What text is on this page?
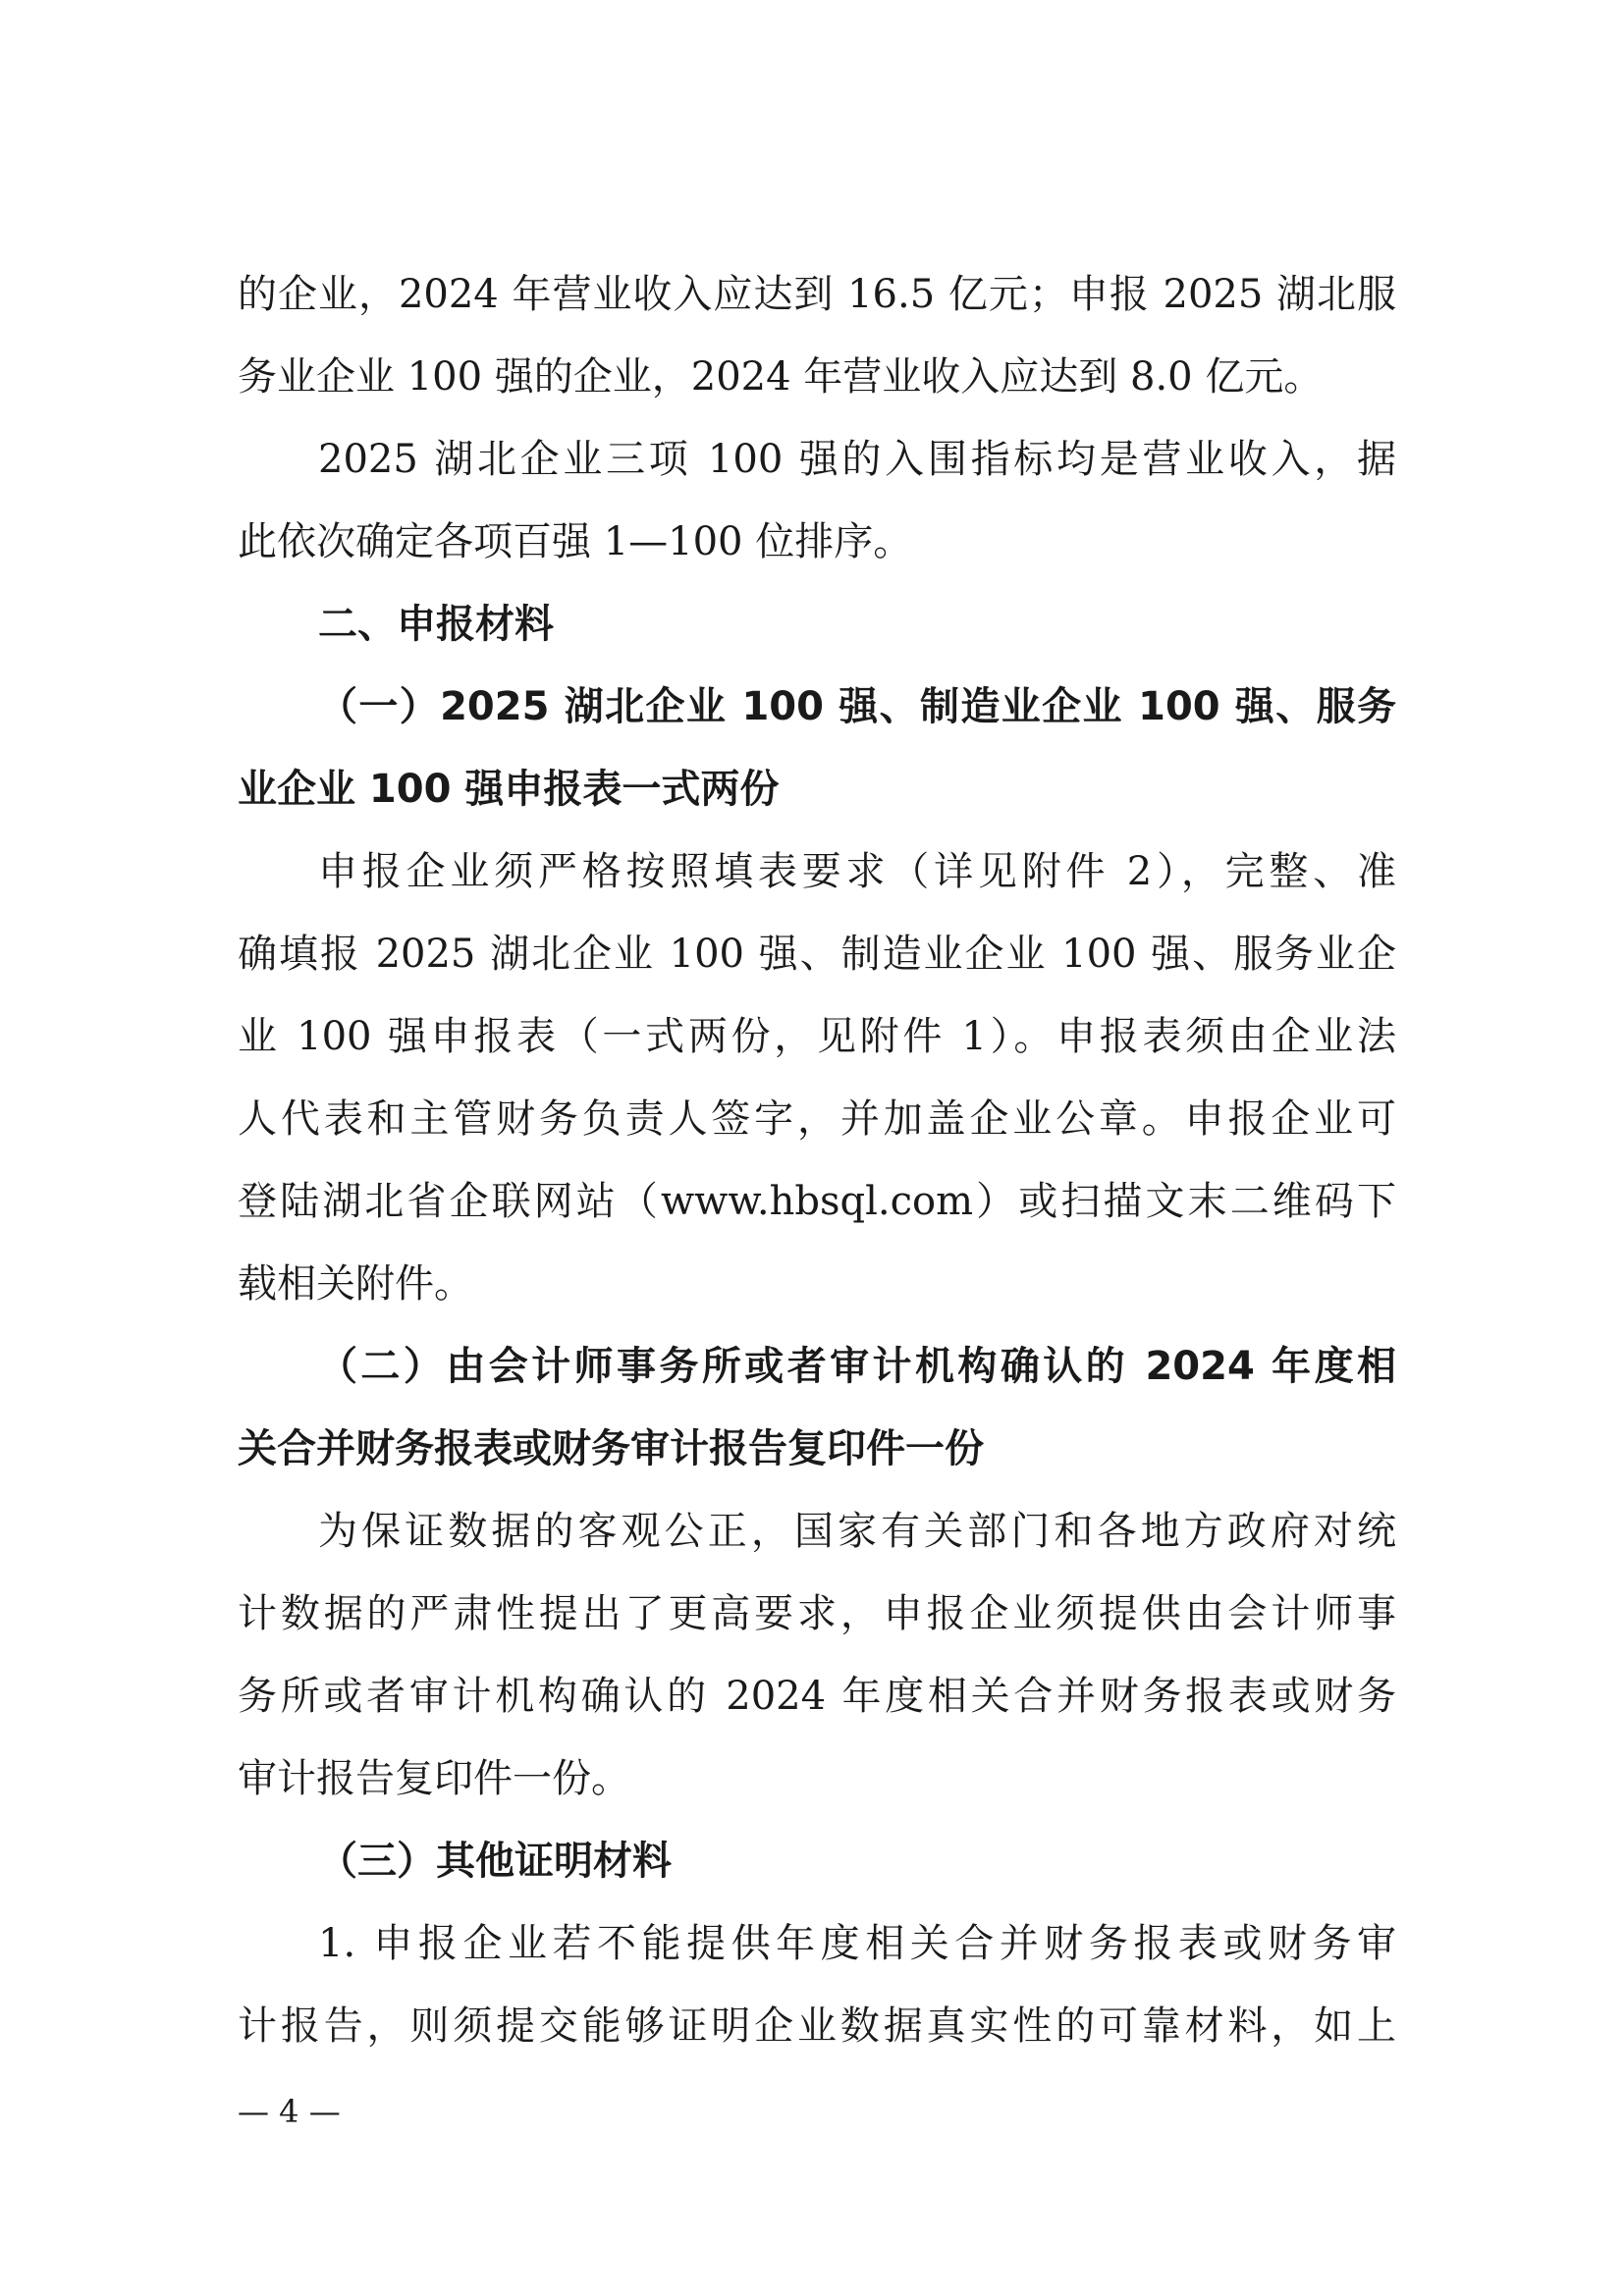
的企业，2024 年营业收入应达到 16.5 亿元；申报 2025 湖北服
务业企业 100 强的企业，2024 年营业收入应达到 8.0 亿元。
2025 湖北企业三项 100 强的入围指标均是营业收入，据
此依次确定各项百强 1—100 位排序。
二、申报材料
（一）2025 湖北企业 100 强、制造业企业 100 强、服务
业企业 100 强申报表一式两份
申报企业须严格按照填表要求（详见附件 2），完整、准
确填报 2025 湖北企业 100 强、制造业企业 100 强、服务业企
业 100 强申报表（一式两份，见附件 1）。申报表须由企业法
人代表和主管财务负责人签字，并加盖企业公章。申报企业可
登陆湖北省企联网站（www.hbsql.com）或扫描文末二维码下
载相关附件。
（二）由会计师事务所或者审计机构确认的 2024 年度相
关合并财务报表或财务审计报告复印件一份
为保证数据的客观公正，国家有关部门和各地方政府对统
计数据的严肃性提出了更高要求，申报企业须提供由会计师事
务所或者审计机构确认的 2024 年度相关合并财务报表或财务
审计报告复印件一份。
（三）其他证明材料
1. 申报企业若不能提供年度相关合并财务报表或财务审
计报告，则须提交能够证明企业数据真实性的可靠材料，如上
— 4 —
